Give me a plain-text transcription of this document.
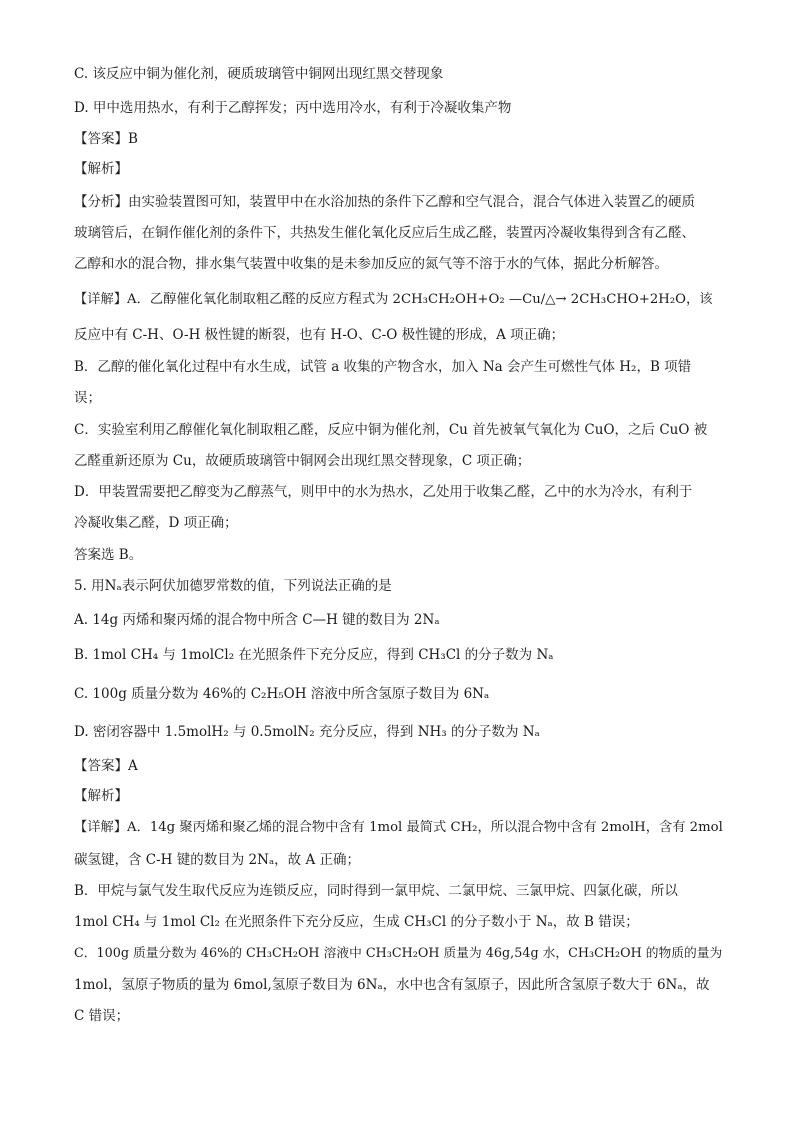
C. 该反应中铜为催化剂，硬质玻璃管中铜网出现红黑交替现象
D. 甲中选用热水，有利于乙醇挥发；丙中选用冷水，有利于冷凝收集产物
【答案】B
【解析】
【分析】由实验装置图可知，装置甲中在水浴加热的条件下乙醇和空气混合，混合气体进入装置乙的硬质
玻璃管后，在铜作催化剂的条件下，共热发生催化氧化反应后生成乙醛，装置丙冷凝收集得到含有乙醛、
乙醇和水的混合物，排水集气装置中收集的是未参加反应的氮气等不溶于水的气体，据此分析解答。
【详解】A．乙醇催化氧化制取粗乙醛的反应方程式为 2CH₃CH₂OH+O₂ —Cu/△→ 2CH₃CHO+2H₂O，该
反应中有 C-H、O-H 极性键的断裂，也有 H-O、C-O 极性键的形成，A 项正确；
B．乙醇的催化氧化过程中有水生成，试管 a 收集的产物含水，加入 Na 会产生可燃性气体 H₂，B 项错
误；
C．实验室利用乙醇催化氧化制取粗乙醛，反应中铜为催化剂，Cu 首先被氧气氧化为 CuO，之后 CuO 被
乙醛重新还原为 Cu，故硬质玻璃管中铜网会出现红黑交替现象，C 项正确；
D．甲装置需要把乙醇变为乙醇蒸气，则甲中的水为热水，乙处用于收集乙醛，乙中的水为冷水，有利于
冷凝收集乙醛，D 项正确；
答案选 B。
5. 用Nₐ表示阿伏加德罗常数的值，下列说法正确的是
A. 14g 丙烯和聚丙烯的混合物中所含 C—H 键的数目为 2Nₐ
B. 1mol CH₄ 与 1molCl₂ 在光照条件下充分反应，得到 CH₃Cl 的分子数为 Nₐ
C. 100g 质量分数为 46%的 C₂H₅OH 溶液中所含氢原子数目为 6Nₐ
D. 密闭容器中 1.5molH₂ 与 0.5molN₂ 充分反应，得到 NH₃ 的分子数为 Nₐ
【答案】A
【解析】
【详解】A．14g 聚丙烯和聚乙烯的混合物中含有 1mol 最简式 CH₂，所以混合物中含有 2molH，含有 2mol
碳氢键，含 C-H 键的数目为 2Nₐ，故 A 正确；
B．甲烷与氯气发生取代反应为连锁反应，同时得到一氯甲烷、二氯甲烷、三氯甲烷、四氯化碳，所以
1mol CH₄ 与 1mol Cl₂ 在光照条件下充分反应，生成 CH₃Cl 的分子数小于 Nₐ，故 B 错误；
C．100g 质量分数为 46%的 CH₃CH₂OH 溶液中 CH₃CH₂OH 质量为 46g,54g 水，CH₃CH₂OH 的物质的量为
1mol，氢原子物质的量为 6mol,氢原子数目为 6Nₐ，水中也含有氢原子，因此所含氢原子数大于 6Nₐ，故
C 错误；
